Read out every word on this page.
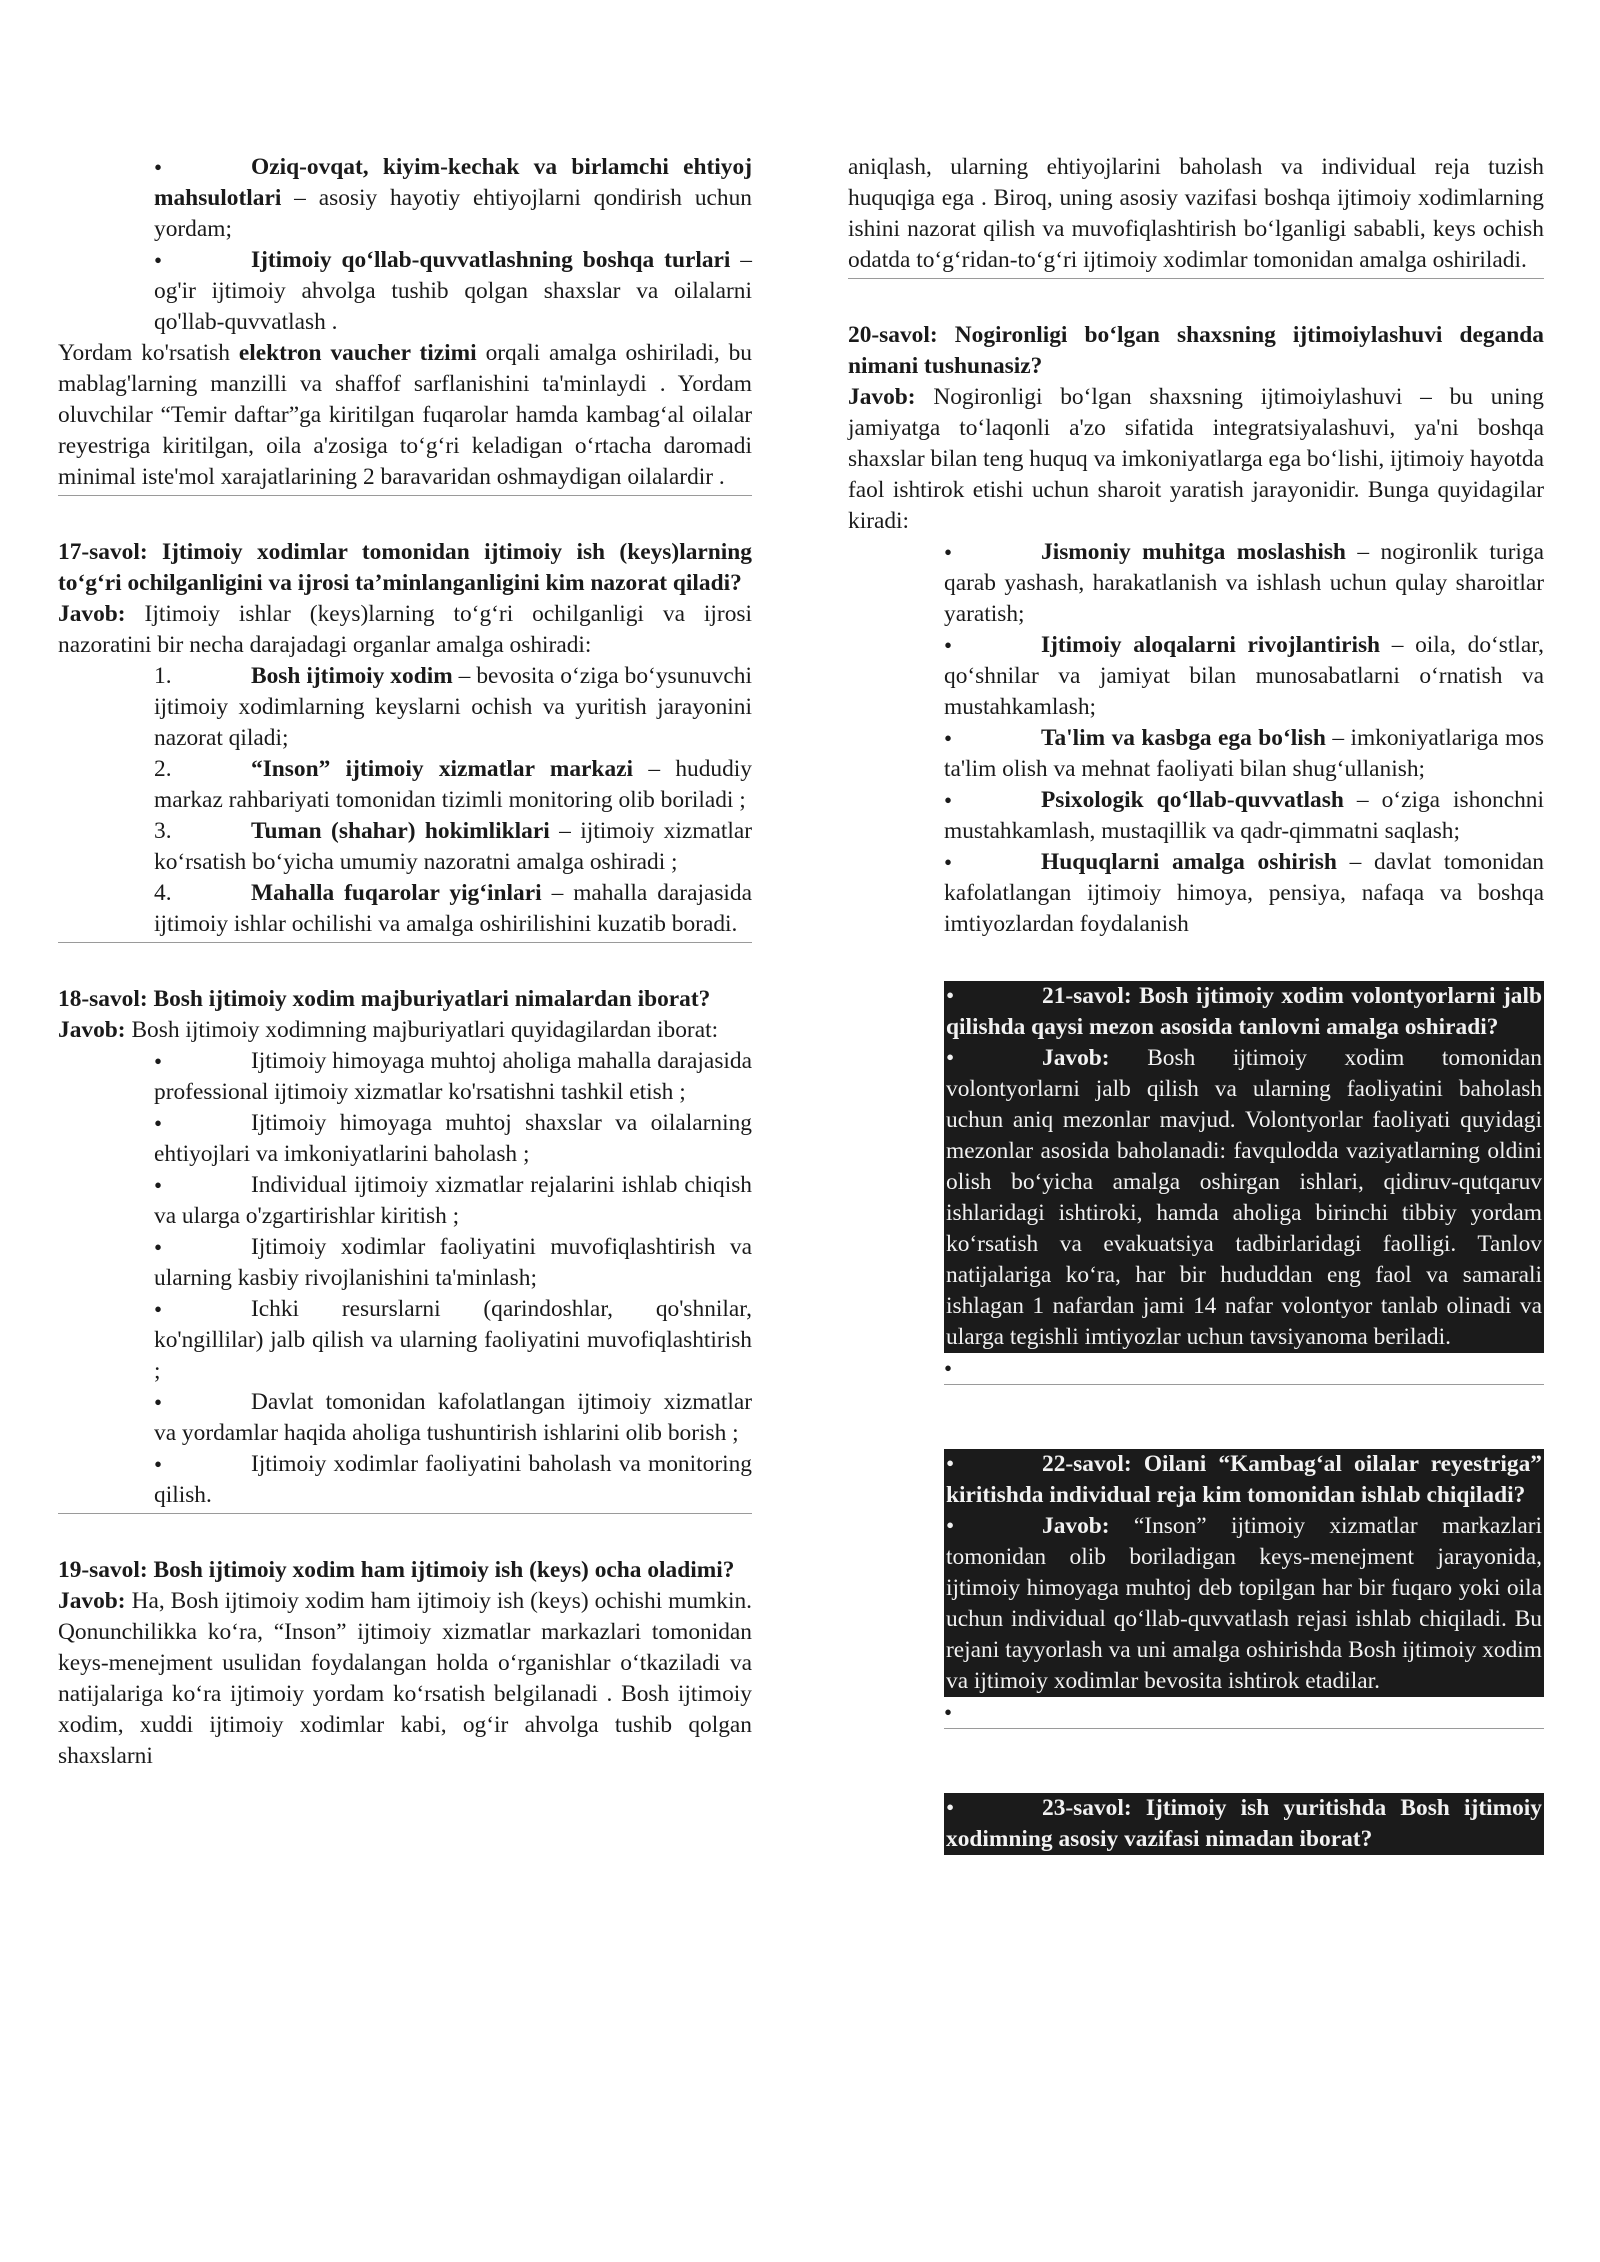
• Oziq-ovqat, kiyim-kechak va birlamchi ehtiyoj mahsulotlari – asosiy hayotiy ehtiyojlarni qondirish uchun yordam;
• Ijtimoiy qo‘llab-quvvatlashning boshqa turlari – og'ir ijtimoiy ahvolga tushib qolgan shaxslar va oilalarni qo'llab-quvvatlash .

Yordam ko'rsatish elektron vaucher tizimi orqali amalga oshiriladi, bu mablag'larning manzilli va shaffof sarflanishini ta'minlaydi . Yordam oluvchilar “Temir daftar”ga kiritilgan fuqarolar hamda kambag‘al oilalar reyestriga kiritilgan, oila a'zosiga to‘g‘ri keladigan o‘rtacha daromadi minimal iste'mol xarajatlarining 2 baravaridan oshmaydigan oilalardir .

17-savol: Ijtimoiy xodimlar tomonidan ijtimoiy ish (keys)larning to‘g‘ri ochilganligini va ijrosi ta’minlanganligini kim nazorat qiladi?

Javob: Ijtimoiy ishlar (keys)larning to‘g‘ri ochilganligi va ijrosi nazoratini bir necha darajadagi organlar amalga oshiradi:

1.	Bosh ijtimoiy xodim – bevosita o‘ziga bo‘ysunuvchi ijtimoiy xodimlarning keyslarni ochish va yuritish jarayonini nazorat qiladi;
2.	“Inson” ijtimoiy xizmatlar markazi – hududiy markaz rahbariyati tomonidan tizimli monitoring olib boriladi ;
3.	Tuman (shahar) hokimliklari – ijtimoiy xizmatlar ko‘rsatish bo‘yicha umumiy nazoratni amalga oshiradi ;
4.	Mahalla fuqarolar yig‘inlari – mahalla darajasida ijtimoiy ishlar ochilishi va amalga oshirilishini kuzatib boradi.

18-savol: Bosh ijtimoiy xodim majburiyatlari nimalardan iborat?

Javob: Bosh ijtimoiy xodimning majburiyatlari quyidagilardan iborat:

• Ijtimoiy himoyaga muhtoj aholiga mahalla darajasida professional ijtimoiy xizmatlar ko'rsatishni tashkil etish ;
• Ijtimoiy himoyaga muhtoj shaxslar va oilalarning ehtiyojlari va imkoniyatlarini baholash ;
• Individual ijtimoiy xizmatlar rejalarini ishlab chiqish va ularga o'zgartirishlar kiritish ;
• Ijtimoiy xodimlar faoliyatini muvofiqlashtirish va ularning kasbiy rivojlanishini ta'minlash;
• Ichki resurslarni (qarindoshlar, qo'shnilar, ko'ngillilar) jalb qilish va ularning faoliyatini muvofiqlashtirish ;
• Davlat tomonidan kafolatlangan ijtimoiy xizmatlar va yordamlar haqida aholiga tushuntirish ishlarini olib borish ;
• Ijtimoiy xodimlar faoliyatini baholash va monitoring qilish.

19-savol: Bosh ijtimoiy xodim ham ijtimoiy ish (keys) ocha oladimi?

Javob: Ha, Bosh ijtimoiy xodim ham ijtimoiy ish (keys) ochishi mumkin. Qonunchilikka ko‘ra, “Inson” ijtimoiy xizmatlar markazlari tomonidan keys-menejment usulidan foydalangan holda o‘rganishlar o‘tkaziladi va natijalariga ko‘ra ijtimoiy yordam ko‘rsatish belgilanadi . Bosh ijtimoiy xodim, xuddi ijtimoiy xodimlar kabi, og‘ir ahvolga tushib qolgan shaxslarni

aniqlash, ularning ehtiyojlarini baholash va individual reja tuzish huquqiga ega . Biroq, uning asosiy vazifasi boshqa ijtimoiy xodimlarning ishini nazorat qilish va muvofiqlashtirish bo‘lganligi sababli, keys ochish odatda to‘g‘ridan-to‘g‘ri ijtimoiy xodimlar tomonidan amalga oshiriladi.

20-savol: Nogironligi bo‘lgan shaxsning ijtimoiylashuvi deganda nimani tushunasiz?

Javob: Nogironligi bo‘lgan shaxsning ijtimoiylashuvi – bu uning jamiyatga to‘laqonli a'zo sifatida integratsiyalashuvi, ya'ni boshqa shaxslar bilan teng huquq va imkoniyatlarga ega bo‘lishi, ijtimoiy hayotda faol ishtirok etishi uchun sharoit yaratish jarayonidir. Bunga quyidagilar kiradi:

• Jismoniy muhitga moslashish – nogironlik turiga qarab yashash, harakatlanish va ishlash uchun qulay sharoitlar yaratish;
• Ijtimoiy aloqalarni rivojlantirish – oila, do‘stlar, qo‘shnilar va jamiyat bilan munosabatlarni o‘rnatish va mustahkamlash;
• Ta'lim va kasbga ega bo‘lish – imkoniyatlariga mos ta'lim olish va mehnat faoliyati bilan shug‘ullanish;
• Psixologik qo‘llab-quvvatlash – o‘ziga ishonchni mustahkamlash, mustaqillik va qadr-qimmatni saqlash;
• Huquqlarni amalga oshirish – davlat tomonidan kafolatlangan ijtimoiy himoya, pensiya, nafaqa va boshqa imtiyozlardan foydalanish

• 21-savol: Bosh ijtimoiy xodim volontyorlarni jalb qilishda qaysi mezon asosida tanlovni amalga oshiradi?

• Javob: Bosh ijtimoiy xodim tomonidan volontyorlarni jalb qilish va ularning faoliyatini baholash uchun aniq mezonlar mavjud. Volontyorlar faoliyati quyidagi mezonlar asosida baholanadi: favqulodda vaziyatlarning oldini olish bo‘yicha amalga oshirgan ishlari, qidiruv-qutqaruv ishlaridagi ishtiroki, hamda aholiga birinchi tibbiy yordam ko‘rsatish va evakuatsiya tadbirlaridagi faolligi. Tanlov natijalariga ko‘ra, har bir hududdan eng faol va samarali ishlagan 1 nafardan jami 14 nafar volontyor tanlab olinadi va ularga tegishli imtiyozlar uchun tavsiyanoma beriladi.

•

• 22-savol: Oilani “Kambag‘al oilalar reyestriga” kiritishda individual reja kim tomonidan ishlab chiqiladi?

• Javob: “Inson” ijtimoiy xizmatlar markazlari tomonidan olib boriladigan keys-menejment jarayonida, ijtimoiy himoyaga muhtoj deb topilgan har bir fuqaro yoki oila uchun individual qo‘llab-quvvatlash rejasi ishlab chiqiladi. Bu rejani tayyorlash va uni amalga oshirishda Bosh ijtimoiy xodim va ijtimoiy xodimlar bevosita ishtirok etadilar.

•

• 23-savol: Ijtimoiy ish yuritishda Bosh ijtimoiy xodimning asosiy vazifasi nimadan iborat?
